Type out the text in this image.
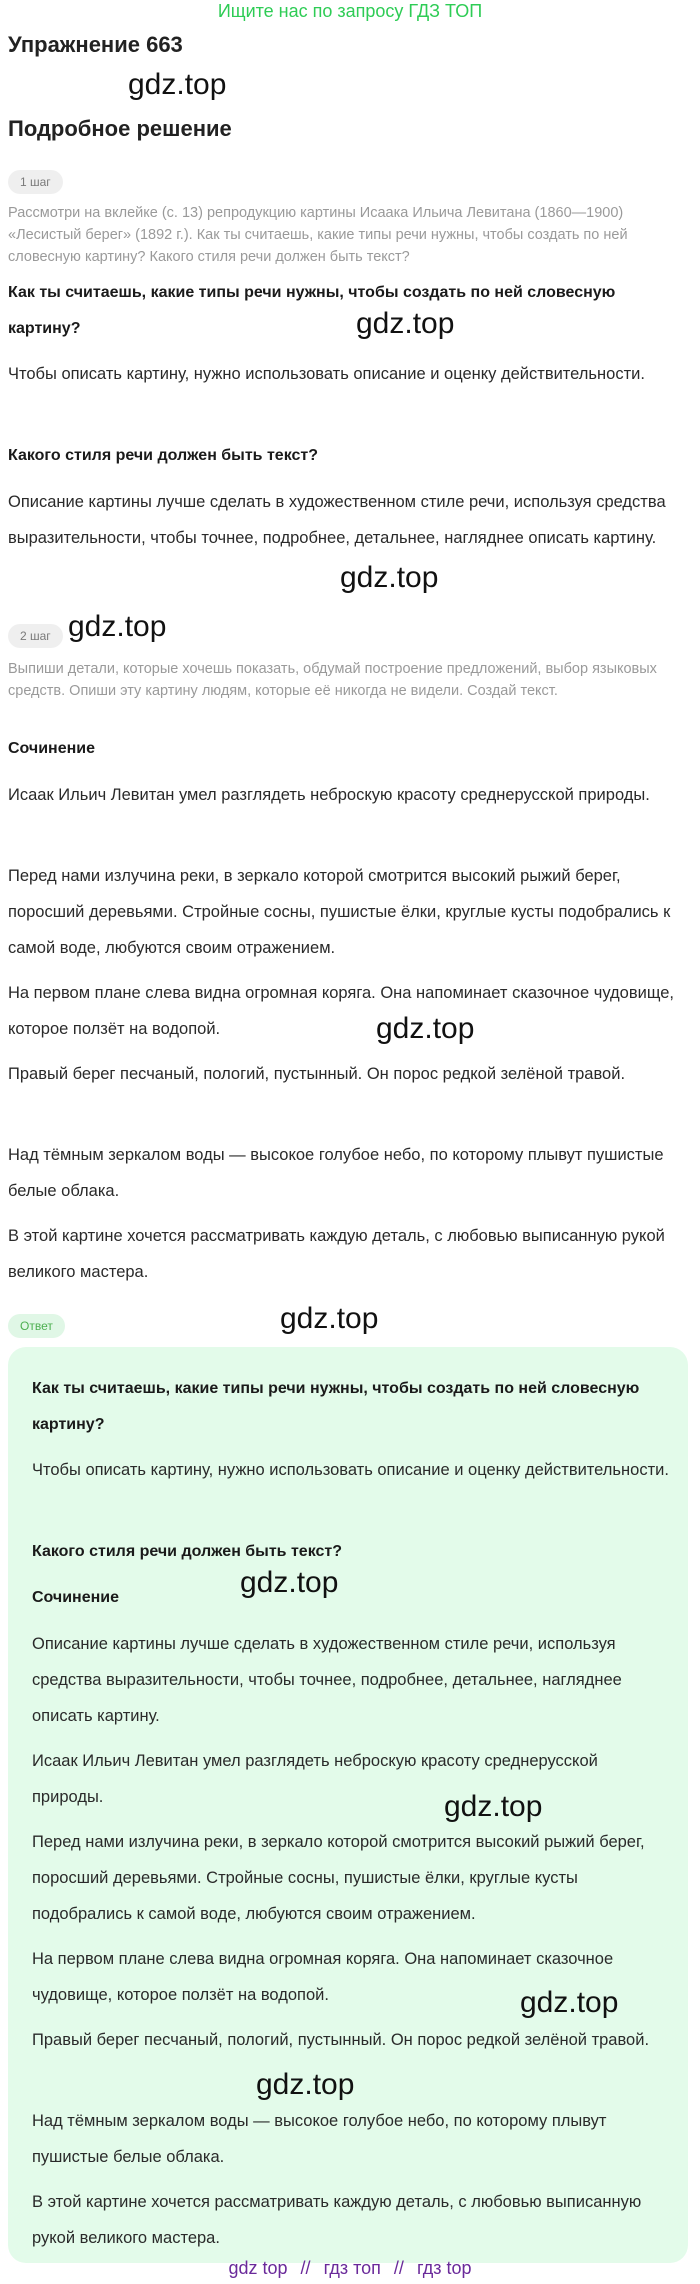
Ищите нас по запросу ГДЗ ТОП
Упражнение 663
gdz.top
Подробное решение
1 шаг
Рассмотри на вклейке (с. 13) репродукцию картины Исаака Ильича Левитана (1860—1900) «Лесистый берег» (1892 г.). Как ты считаешь, какие типы речи нужны, чтобы создать по ней словесную картину? Какого стиля речи должен быть текст?
Как ты считаешь, какие типы речи нужны, чтобы создать по ней словесную картину?	gdz.top
Чтобы описать картину, нужно использовать описание и оценку действительности.
Какого стиля речи должен быть текст?
Описание картины лучше сделать в художественном стиле речи, используя средства выразительности, чтобы точнее, подробнее, детальнее, нагляднее описать картину.
gdz.top
2 шаг gdz.top
Выпиши детали, которые хочешь показать, обдумай построение предложений, выбор языковых средств. Опиши эту картину людям, которые её никогда не видели. Создай текст.
Сочинение
Исаак Ильич Левитан умел разглядеть неброскую красоту среднерусской природы.
Перед нами излучина реки, в зеркало которой смотрится высокий рыжий берег, поросший деревьями. Стройные сосны, пушистые ёлки, круглые кусты подобрались к самой воде, любуются своим отражением.
На первом плане слева видна огромная коряга. Она напоминает сказочное чудовище, которое ползёт на водопой.	gdz.top
Правый берег песчаный, пологий, пустынный. Он порос редкой зелёной травой.
Над тёмным зеркалом воды — высокое голубое небо, по которому плывут пушистые белые облака.
В этой картине хочется рассматривать каждую деталь, с любовью выписанную рукой великого мастера.
Ответ	gdz.top
Как ты считаешь, какие типы речи нужны, чтобы создать по ней словесную картину?
Чтобы описать картину, нужно использовать описание и оценку действительности.
Какого стиля речи должен быть текст?
Сочинение	gdz.top
Описание картины лучше сделать в художественном стиле речи, используя средства выразительности, чтобы точнее, подробнее, детальнее, нагляднее описать картину.
Исаак Ильич Левитан умел разглядеть неброскую красоту среднерусской природы.	gdz.top
Перед нами излучина реки, в зеркало которой смотрится высокий рыжий берег, поросший деревьями. Стройные сосны, пушистые ёлки, круглые кусты подобрались к самой воде, любуются своим отражением.
На первом плане слева видна огромная коряга. Она напоминает сказочное чудовище, которое ползёт на водопой.	gdz.top
Правый берег песчаный, пологий, пустынный. Он порос редкой зелёной травой.
gdz.top
Над тёмным зеркалом воды — высокое голубое небо, по которому плывут пушистые белые облака.
В этой картине хочется рассматривать каждую деталь, с любовью выписанную рукой великого мастера.
gdz top // гдз топ // гдз top
